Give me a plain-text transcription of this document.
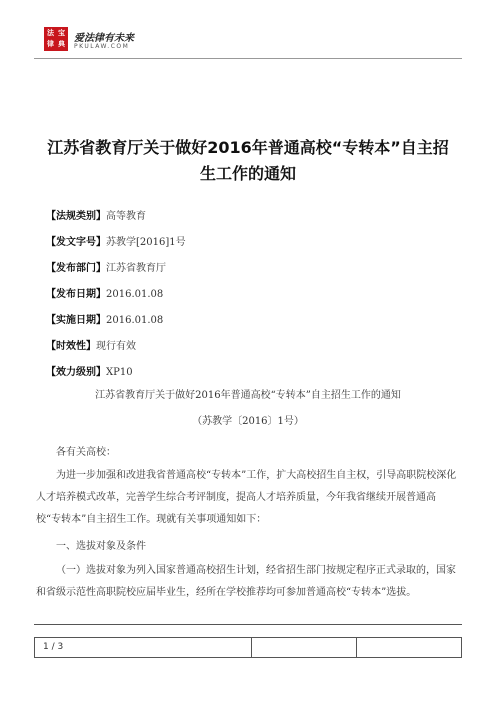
法 宝
律 典 爱法律有未来
PKULAW.COM
江苏省教育厅关于做好2016年普通高校“专转本”自主招生工作的通知
【法规类别】高等教育
【发文字号】苏教学[2016]1号
【发布部门】江苏省教育厅
【发布日期】2016.01.08
【实施日期】2016.01.08
【时效性】现行有效
【效力级别】XP10
江苏省教育厅关于做好2016年普通高校“专转本”自主招生工作的通知
（苏教学〔2016〕1号）
各有关高校：
为进一步加强和改进我省普通高校“专转本”工作，扩大高校招生自主权，引导高职院校深化人才培养模式改革，完善学生综合考评制度，提高人才培养质量，今年我省继续开展普通高校“专转本”自主招生工作。现就有关事项通知如下：
一、选拔对象及条件
（一）选拔对象为列入国家普通高校招生计划，经省招生部门按规定程序正式录取的，国家和省级示范性高职院校应届毕业生，经所在学校推荐均可参加普通高校“专转本”选拔。
1 / 3
